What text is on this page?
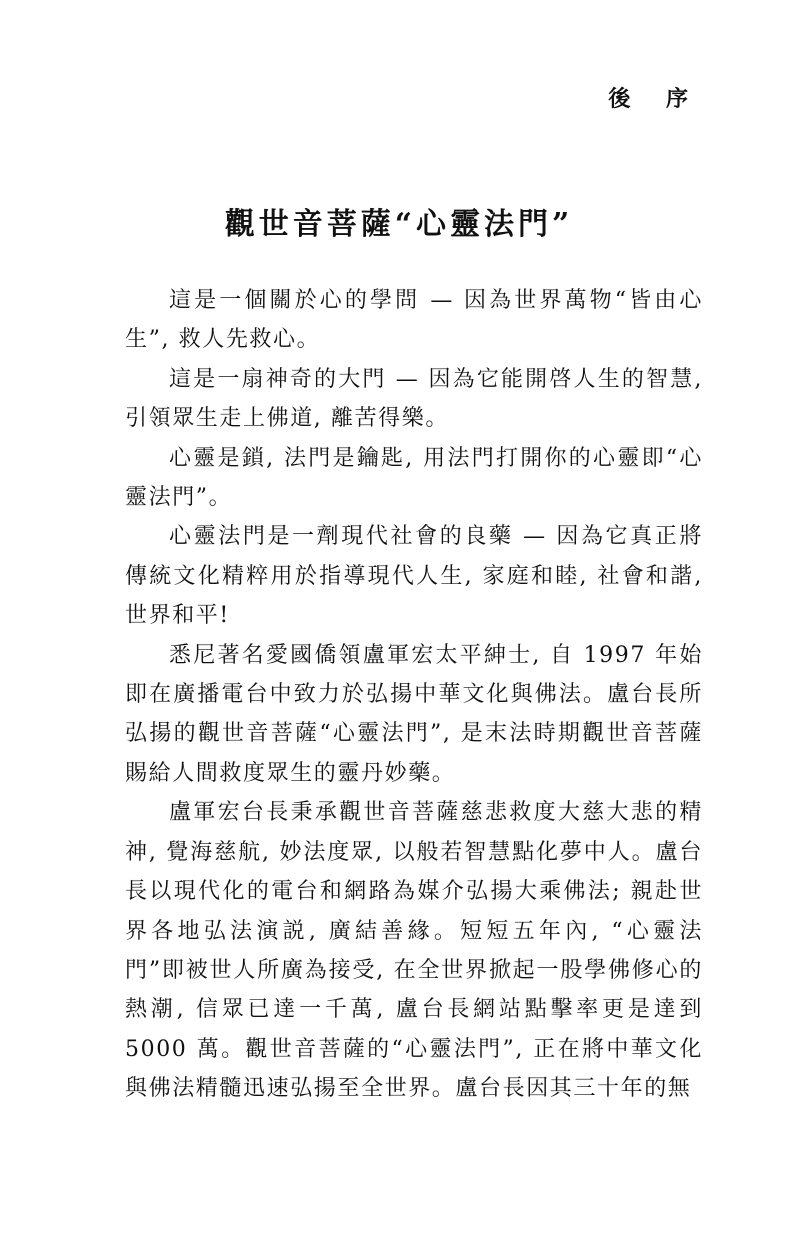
後 序
觀世音菩薩“心靈法門”

這是一個關於心的學問 — 因為世界萬物“皆由心生”, 救人先救心。

這是一扇神奇的大門 — 因為它能開啓人生的智慧, 引領眾生走上佛道, 離苦得樂。

心靈是鎖, 法門是鑰匙, 用法門打開你的心靈即“心靈法門”。

心靈法門是一劑現代社會的良藥 — 因為它真正將傳統文化精粹用於指導現代人生, 家庭和睦, 社會和諧, 世界和平!

悉尼著名愛國僑領盧軍宏太平紳士, 自 1997 年始即在廣播電台中致力於弘揚中華文化與佛法。盧台長所弘揚的觀世音菩薩“心靈法門”, 是末法時期觀世音菩薩賜給人間救度眾生的靈丹妙藥。

盧軍宏台長秉承觀世音菩薩慈悲救度大慈大悲的精神, 覺海慈航, 妙法度眾, 以般若智慧點化夢中人。盧台長以現代化的電台和網路為媒介弘揚大乘佛法; 親赴世界各地弘法演説, 廣結善緣。短短五年內, “心靈法門”即被世人所廣為接受, 在全世界掀起一股學佛修心的熱潮, 信眾已達一千萬, 盧台長網站點擊率更是達到 5000 萬。觀世音菩薩的“心靈法門”, 正在將中華文化與佛法精髓迅速弘揚至全世界。盧台長因其三十年的無
